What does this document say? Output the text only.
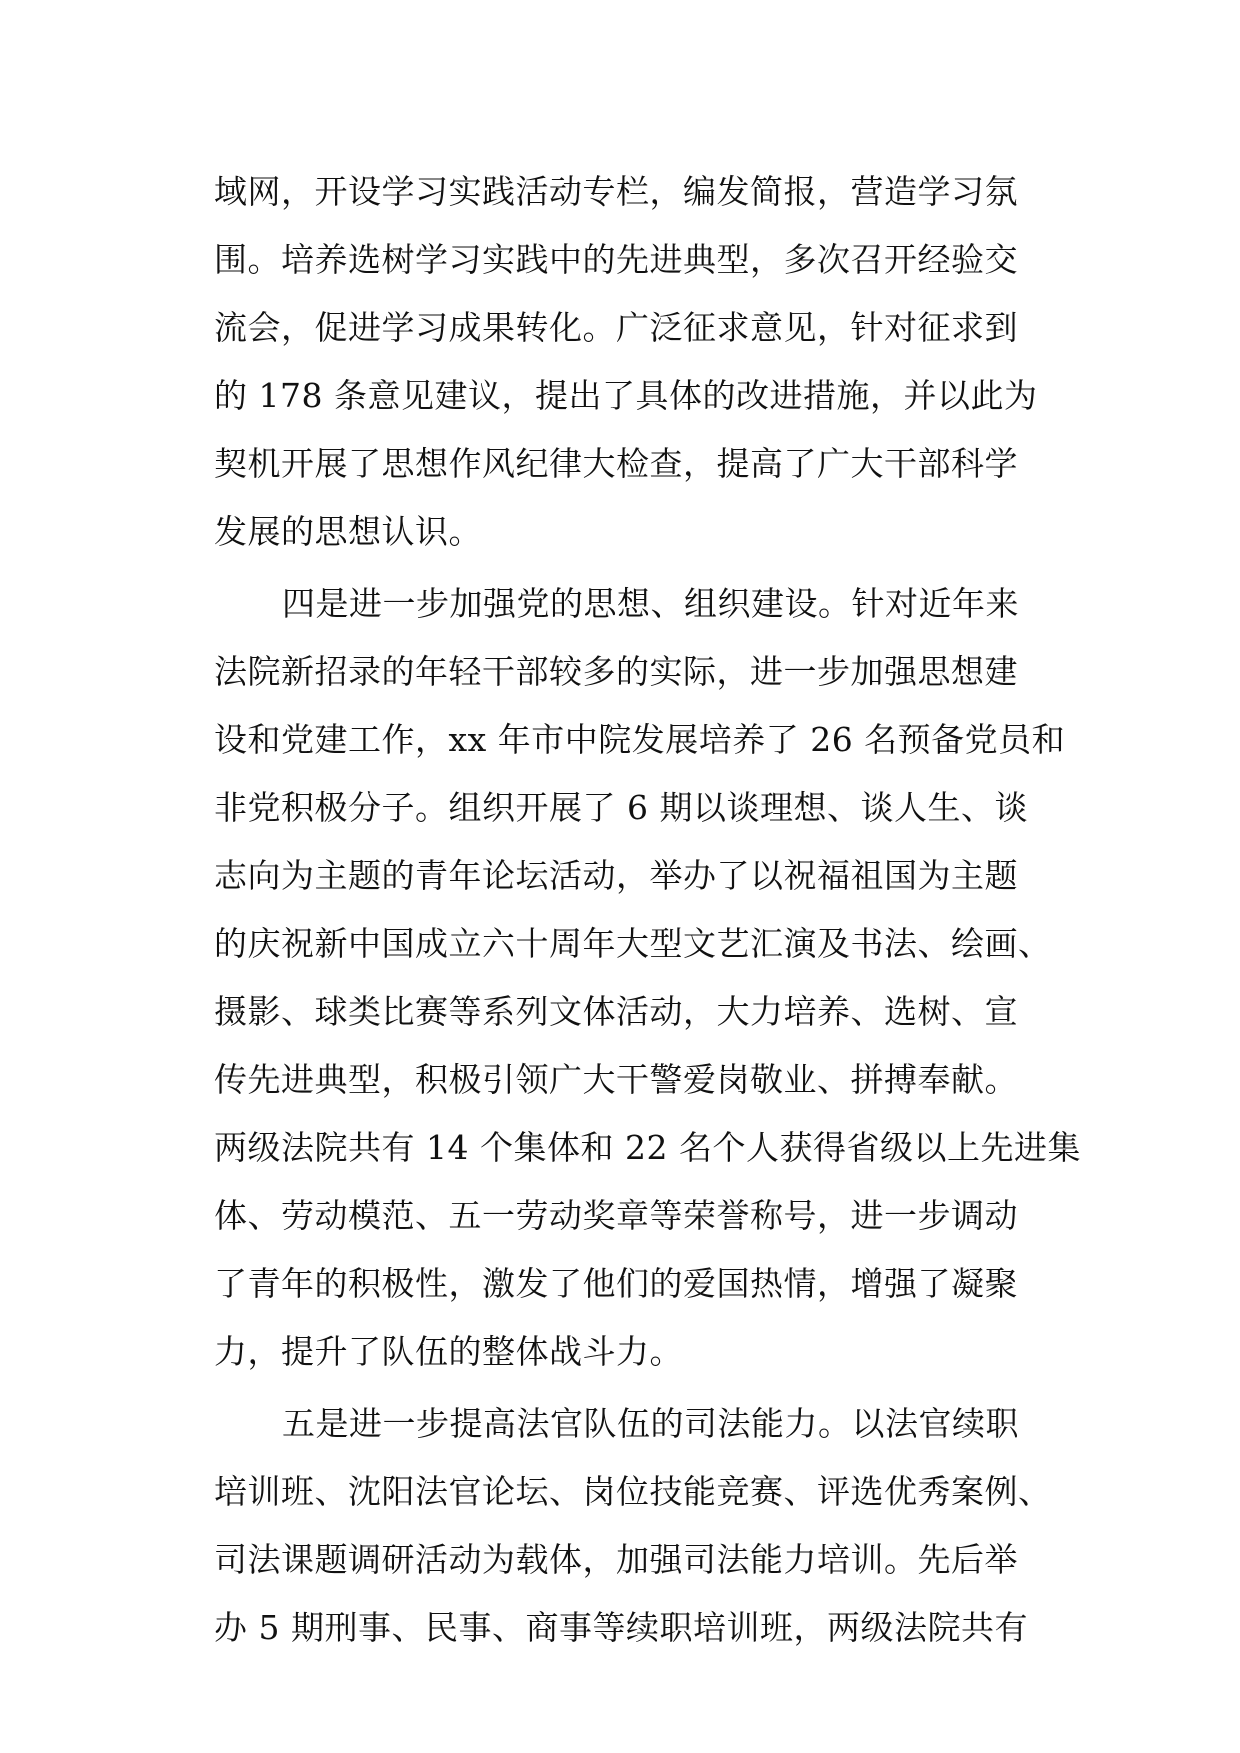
域网，开设学习实践活动专栏，编发简报，营造学习氛
围。培养选树学习实践中的先进典型，多次召开经验交
流会，促进学习成果转化。广泛征求意见，针对征求到
的 178 条意见建议，提出了具体的改进措施，并以此为
契机开展了思想作风纪律大检查，提高了广大干部科学
发展的思想认识。
四是进一步加强党的思想、组织建设。针对近年来
法院新招录的年轻干部较多的实际，进一步加强思想建
设和党建工作，xx 年市中院发展培养了 26 名预备党员和
非党积极分子。组织开展了 6 期以谈理想、谈人生、谈
志向为主题的青年论坛活动，举办了以祝福祖国为主题
的庆祝新中国成立六十周年大型文艺汇演及书法、绘画、
摄影、球类比赛等系列文体活动，大力培养、选树、宣
传先进典型，积极引领广大干警爱岗敬业、拼搏奉献。
两级法院共有 14 个集体和 22 名个人获得省级以上先进集
体、劳动模范、五一劳动奖章等荣誉称号，进一步调动
了青年的积极性，激发了他们的爱国热情，增强了凝聚
力，提升了队伍的整体战斗力。
五是进一步提高法官队伍的司法能力。以法官续职
培训班、沈阳法官论坛、岗位技能竞赛、评选优秀案例、
司法课题调研活动为载体，加强司法能力培训。先后举
办 5 期刑事、民事、商事等续职培训班，两级法院共有
